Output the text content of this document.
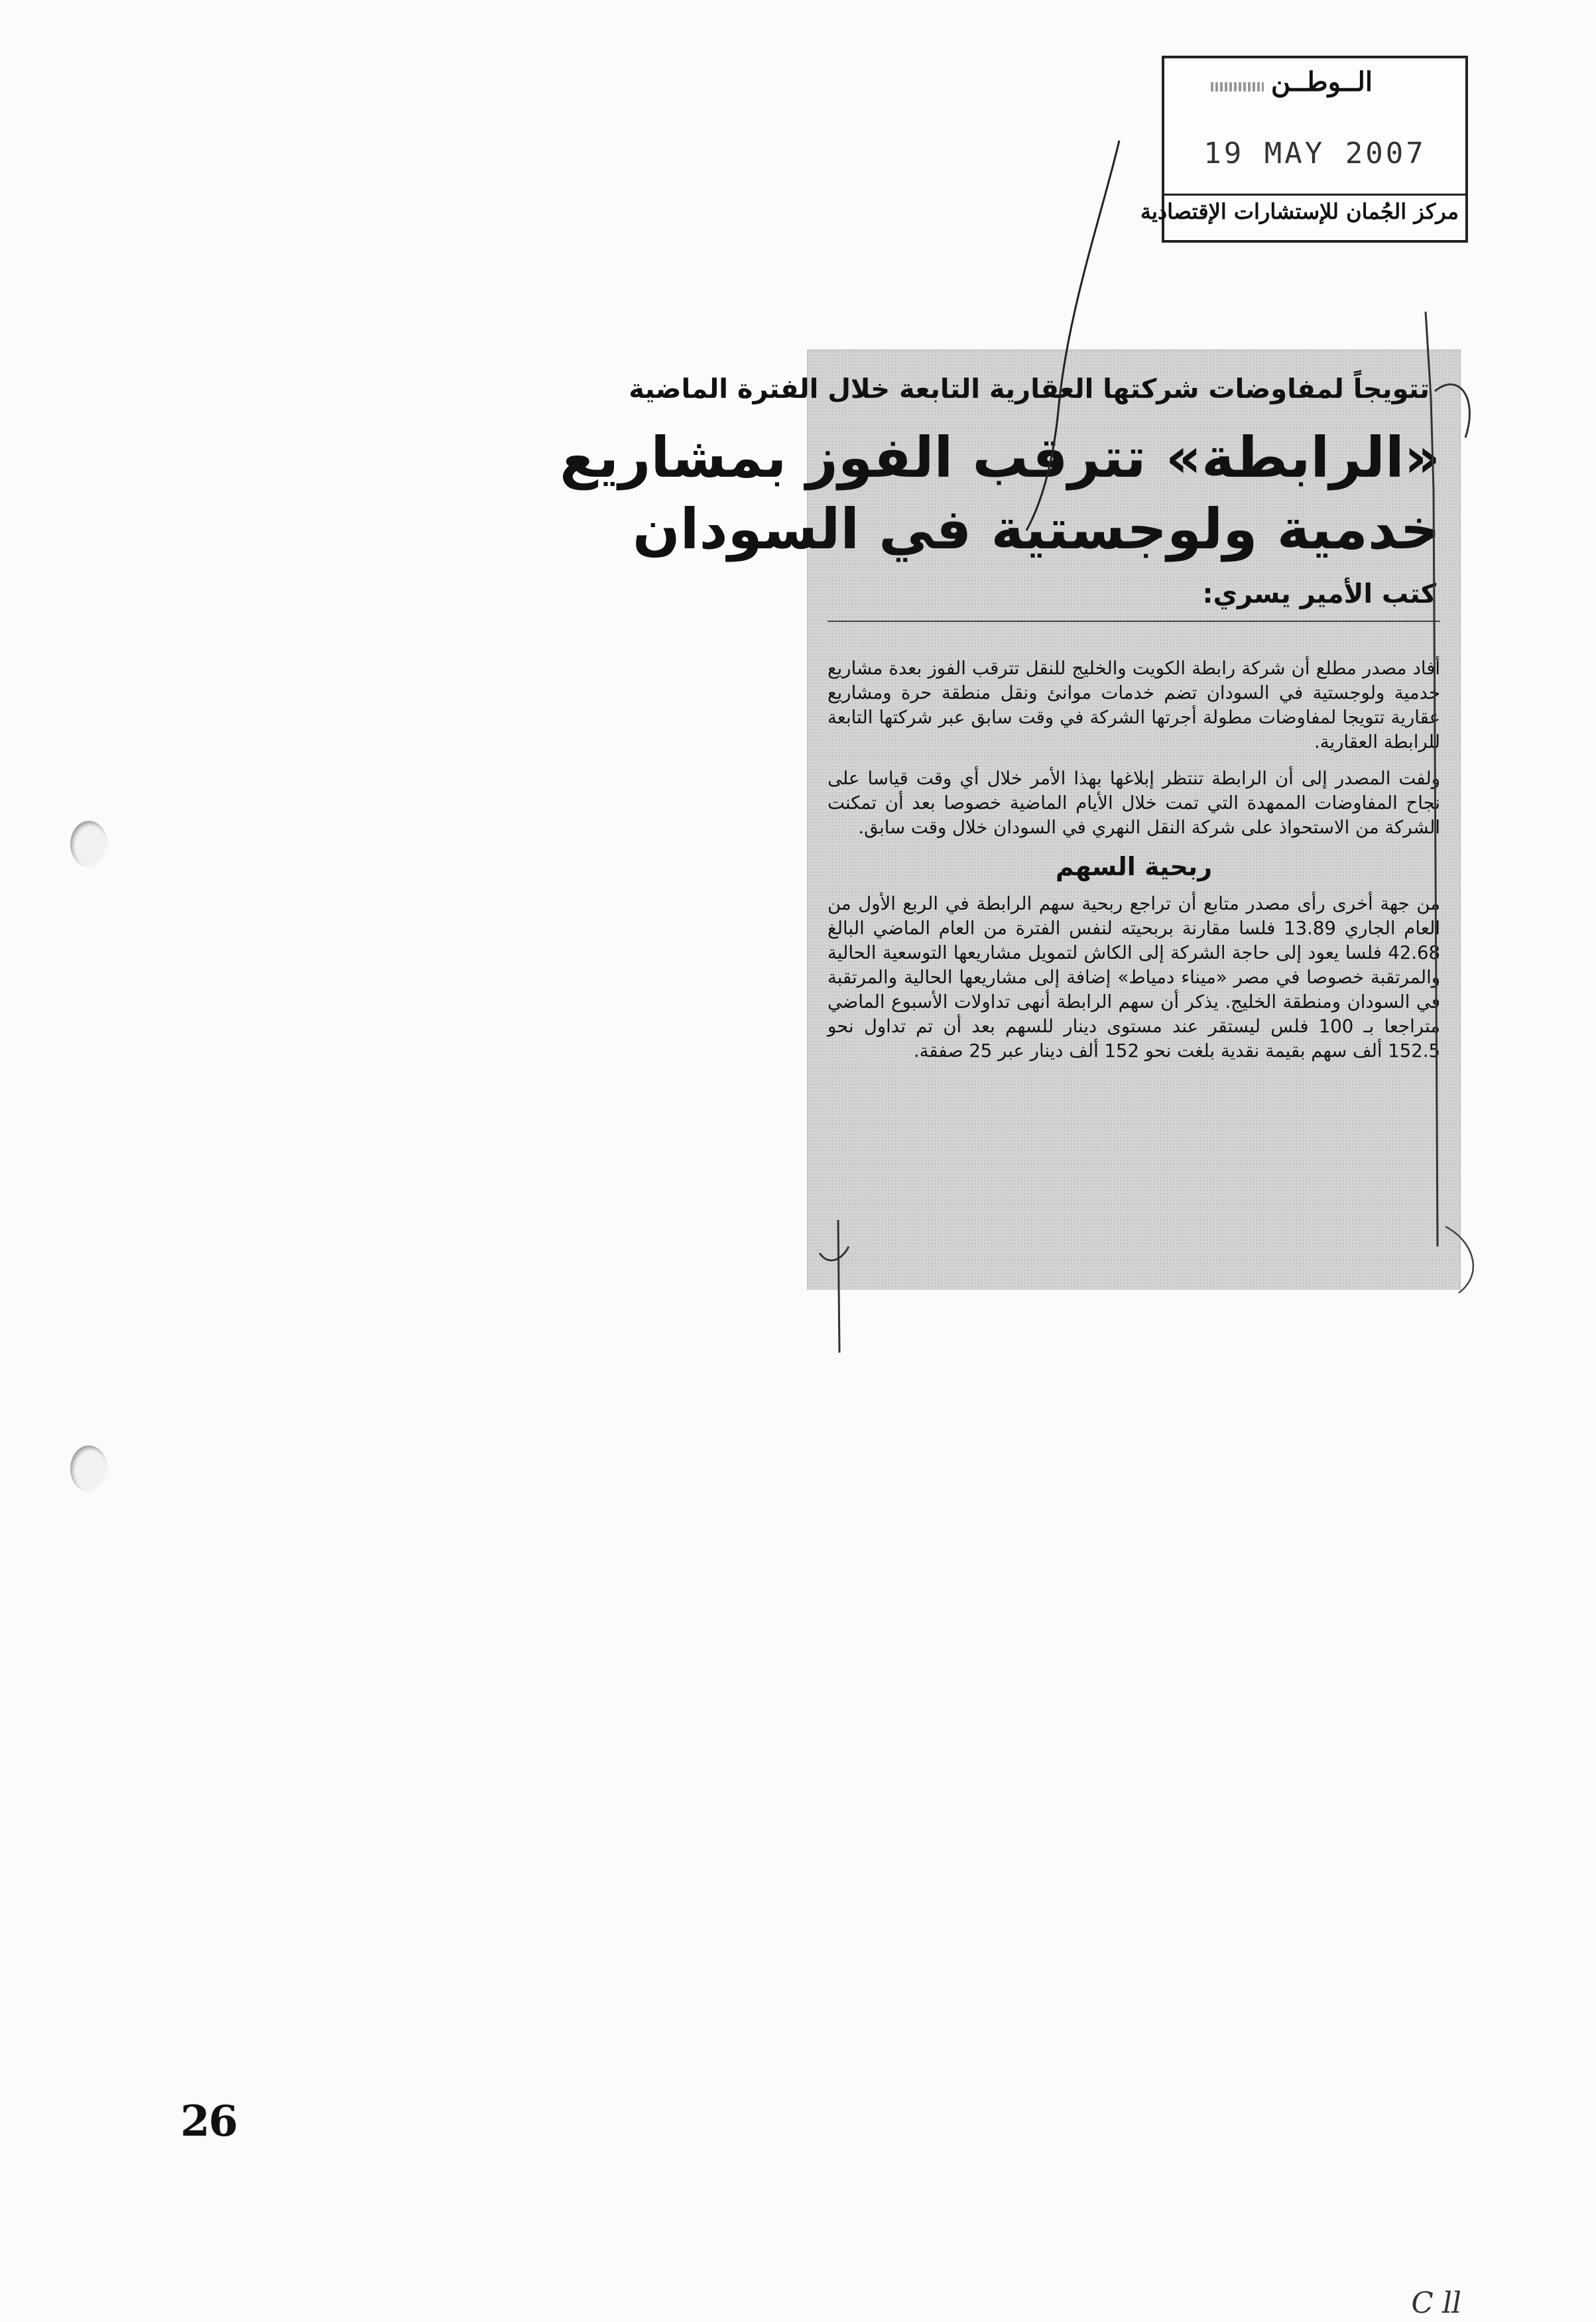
الــوطــن
19 MAY 2007
مركز الجُمان للإستشارات الإقتصادية
تتويجاً لمفاوضات شركتها العقارية التابعة خلال الفترة الماضية
«الرابطة» تترقب الفوز بمشاريع
خدمية ولوجستية في السودان
كتب الأمير يسري:

أفاد مصدر مطلع أن شركة رابطة الكويت والخليج للنقل تترقب الفوز بعدة مشاريع خدمية ولوجستية في السودان تضم خدمات موانئ ونقل منطقة حرة ومشاريع عقارية تتويجا لمفاوضات مطولة أجرتها الشركة في وقت سابق عبر شركتها التابعة للرابطة العقارية.

ولفت المصدر إلى أن الرابطة تنتظر إبلاغها بهذا الأمر خلال أي وقت قياسا على نجاح المفاوضات الممهدة التي تمت خلال الأيام الماضية خصوصا بعد أن تمكنت الشركة من الاستحواذ على شركة النقل النهري في السودان خلال وقت سابق.

ربحية السهم

من جهة أخرى رأى مصدر متابع أن تراجع ربحية سهم الرابطة في الربع الأول من العام الجاري 13.89 فلسا مقارنة بربحيته لنفس الفترة من العام الماضي البالغ 42.68 فلسا يعود إلى حاجة الشركة إلى الكاش لتمويل مشاريعها التوسعية الحالية والمرتقبة خصوصا في مصر «ميناء دمياط» إضافة إلى مشاريعها الحالية والمرتقبة في السودان ومنطقة الخليج. يذكر أن سهم الرابطة أنهى تداولات الأسبوع الماضي متراجعا بـ 100 فلس ليستقر عند مستوى دينار للسهم بعد أن تم تداول نحو 152.5 ألف سهم بقيمة نقدية بلغت نحو 152 ألف دينار عبر 25 صفقة.

26
C ll
